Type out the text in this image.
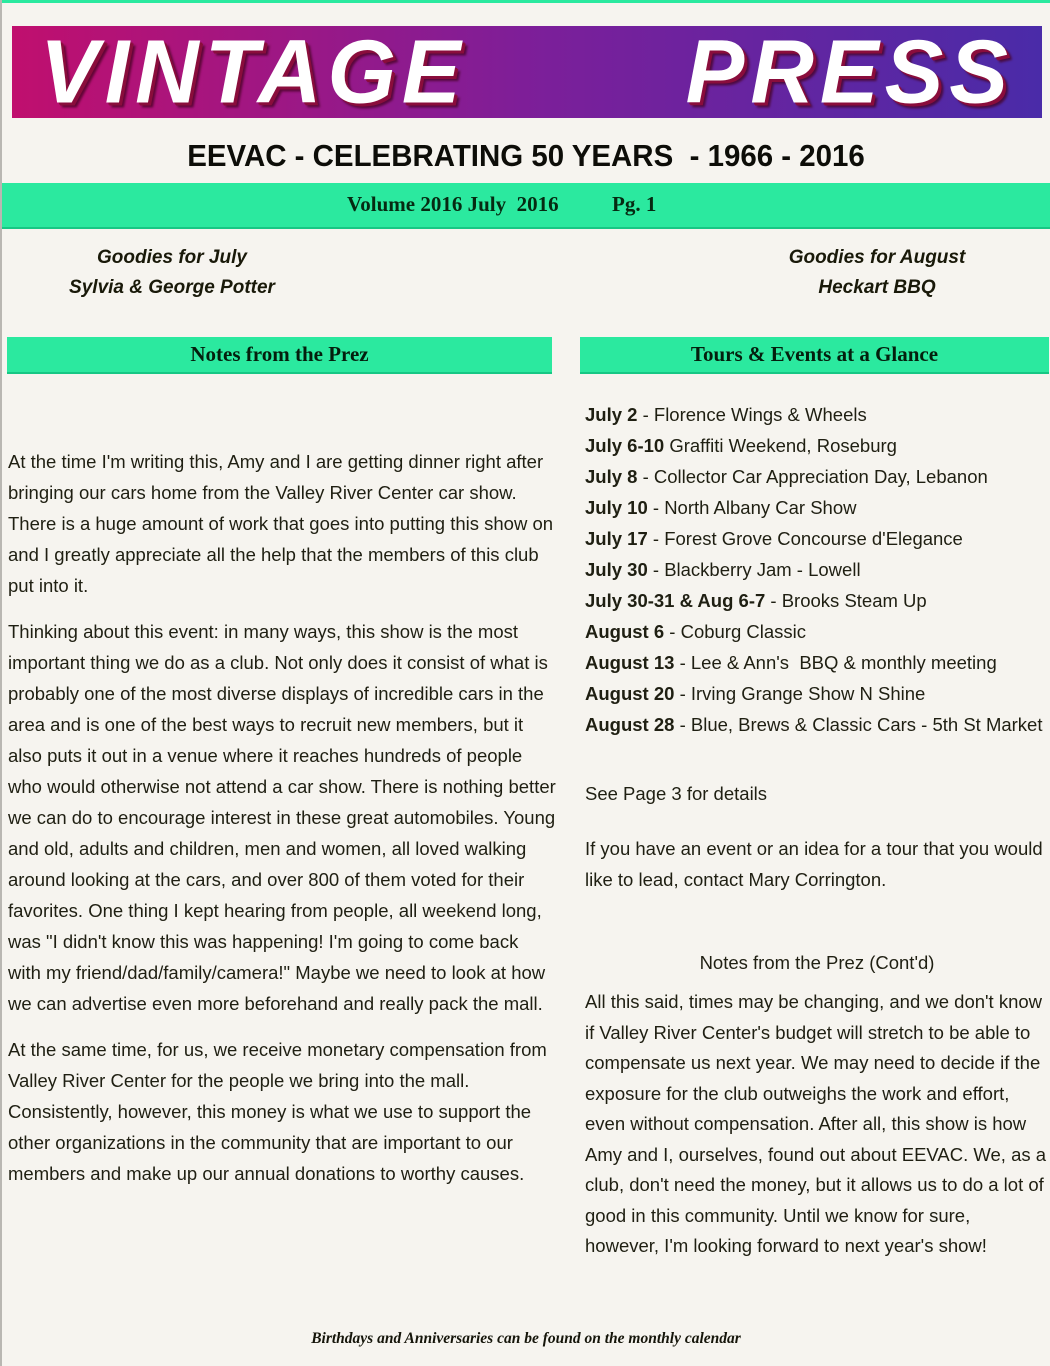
VINTAGE PRESS
EEVAC - CELEBRATING 50 YEARS  - 1966 - 2016
Volume 2016 July  2016	Pg. 1
Goodies for July
Sylvia & George Potter
Goodies for August
Heckart BBQ
Notes from the Prez	Tours & Events at a Glance

At the time I'm writing this, Amy and I are getting dinner right after bringing our cars home from the Valley River Center car show. There is a huge amount of work that goes into putting this show on and I greatly appreciate all the help that the members of this club put into it.

Thinking about this event: in many ways, this show is the most important thing we do as a club. Not only does it consist of what is probably one of the most diverse displays of incredible cars in the area and is one of the best ways to recruit new members, but it also puts it out in a venue where it reaches hundreds of people who would otherwise not attend a car show. There is nothing better we can do to encourage interest in these great automobiles. Young and old, adults and children, men and women, all loved walking around looking at the cars, and over 800 of them voted for their favorites. One thing I kept hearing from people, all weekend long, was "I didn't know this was happening! I'm going to come back with my friend/dad/family/camera!" Maybe we need to look at how we can advertise even more beforehand and really pack the mall.

At the same time, for us, we receive monetary compensation from Valley River Center for the people we bring into the mall. Consistently, however, this money is what we use to support the other organizations in the community that are important to our members and make up our annual donations to worthy causes.

July 2 - Florence Wings & Wheels
July 6-10 Graffiti Weekend, Roseburg
July 8 - Collector Car Appreciation Day, Lebanon
July 10 - North Albany Car Show
July 17 - Forest Grove Concourse d'Elegance
July 30 - Blackberry Jam - Lowell
July 30-31 & Aug 6-7 - Brooks Steam Up
August 6 - Coburg Classic
August 13 - Lee & Ann's  BBQ & monthly meeting
August 20 - Irving Grange Show N Shine
August 28 - Blue, Brews & Classic Cars - 5th St Market
See Page 3 for details
If you have an event or an idea for a tour that you would like to lead, contact Mary Corrington.
Notes from the Prez (Cont'd)
All this said, times may be changing, and we don't know if Valley River Center's budget will stretch to be able to compensate us next year. We may need to decide if the exposure for the club outweighs the work and effort, even without compensation. After all, this show is how Amy and I, ourselves, found out about EEVAC. We, as a club, don't need the money, but it allows us to do a lot of good in this community. Until we know for sure, however, I'm looking forward to next year's show!
Birthdays and Anniversaries can be found on the monthly calendar
